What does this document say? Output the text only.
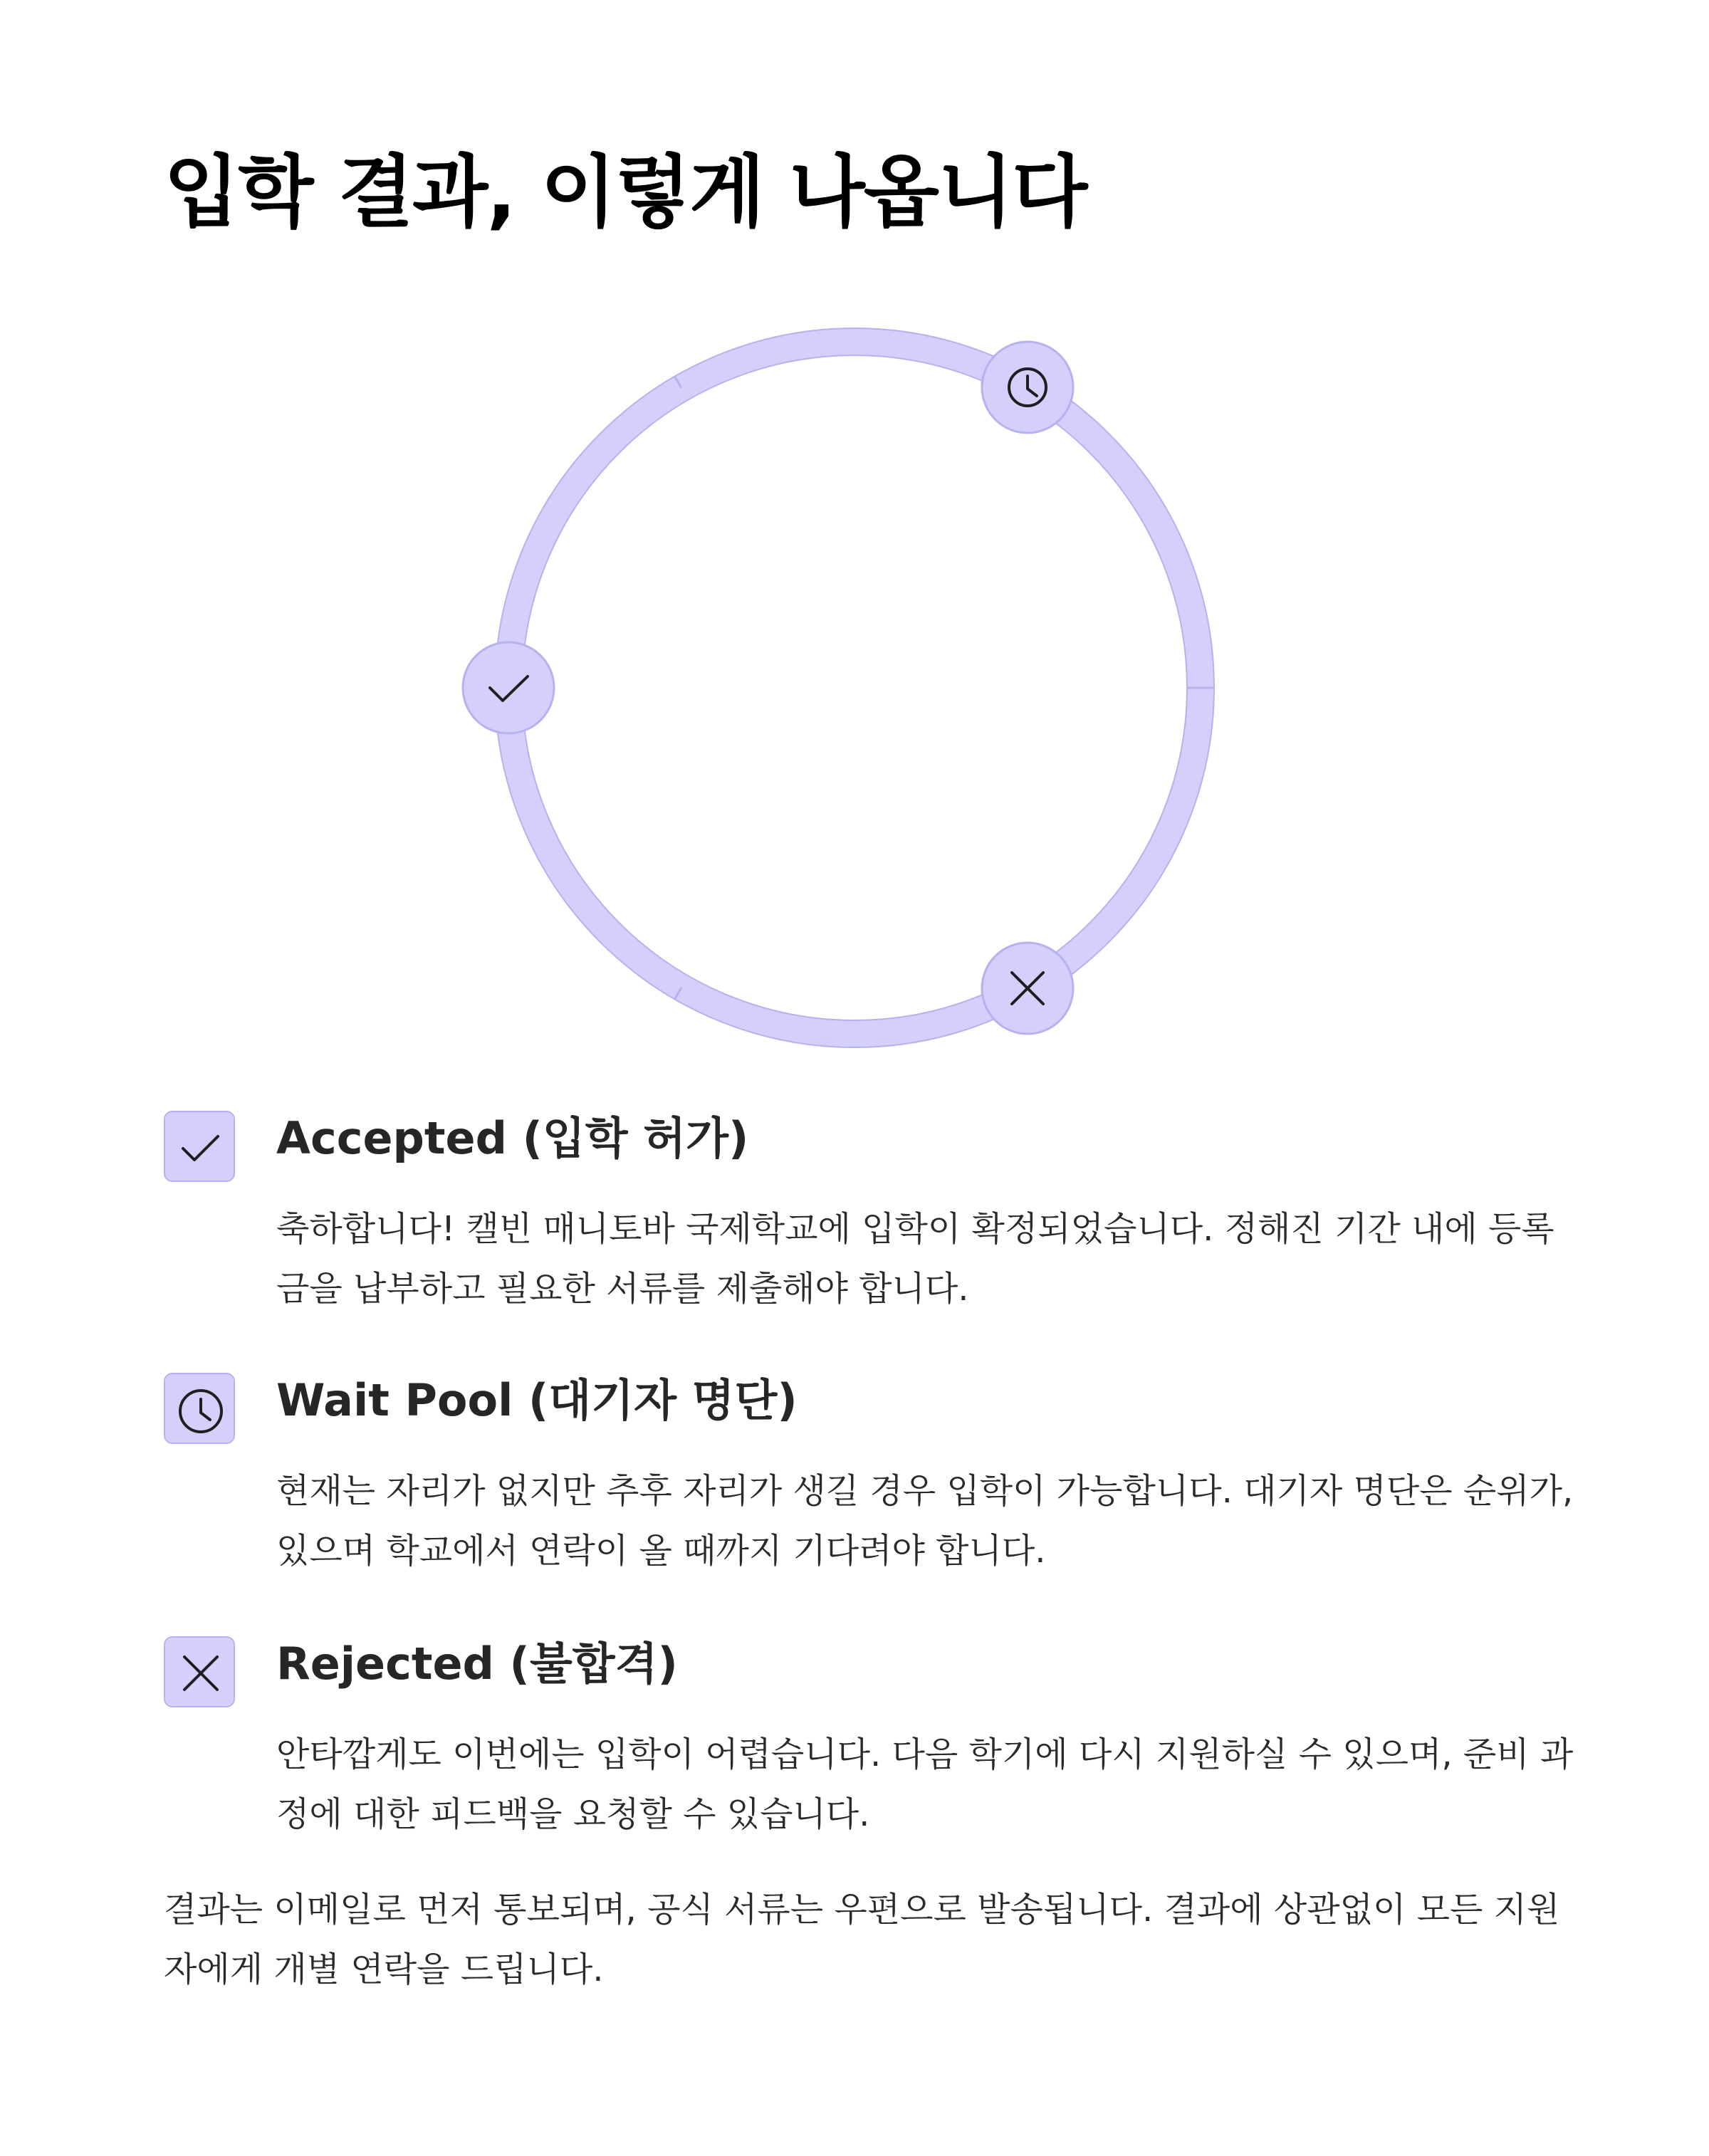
입학 결과, 이렇게 나옵니다
Accepted (입학 허가)

축하합니다! 캘빈 매니토바 국제학교에 입학이 확정되었습니다. 정해진 기간 내에 등록금을 납부하고 필요한 서류를 제출해야 합니다.

Wait Pool (대기자 명단)

현재는 자리가 없지만 추후 자리가 생길 경우 입학이 가능합니다. 대기자 명단은 순위가, 있으며 학교에서 연락이 올 때까지 기다려야 합니다.

Rejected (불합격)

안타깝게도 이번에는 입학이 어렵습니다. 다음 학기에 다시 지원하실 수 있으며, 준비 과정에 대한 피드백을 요청할 수 있습니다.

결과는 이메일로 먼저 통보되며, 공식 서류는 우편으로 발송됩니다. 결과에 상관없이 모든 지원자에게 개별 연락을 드립니다.
